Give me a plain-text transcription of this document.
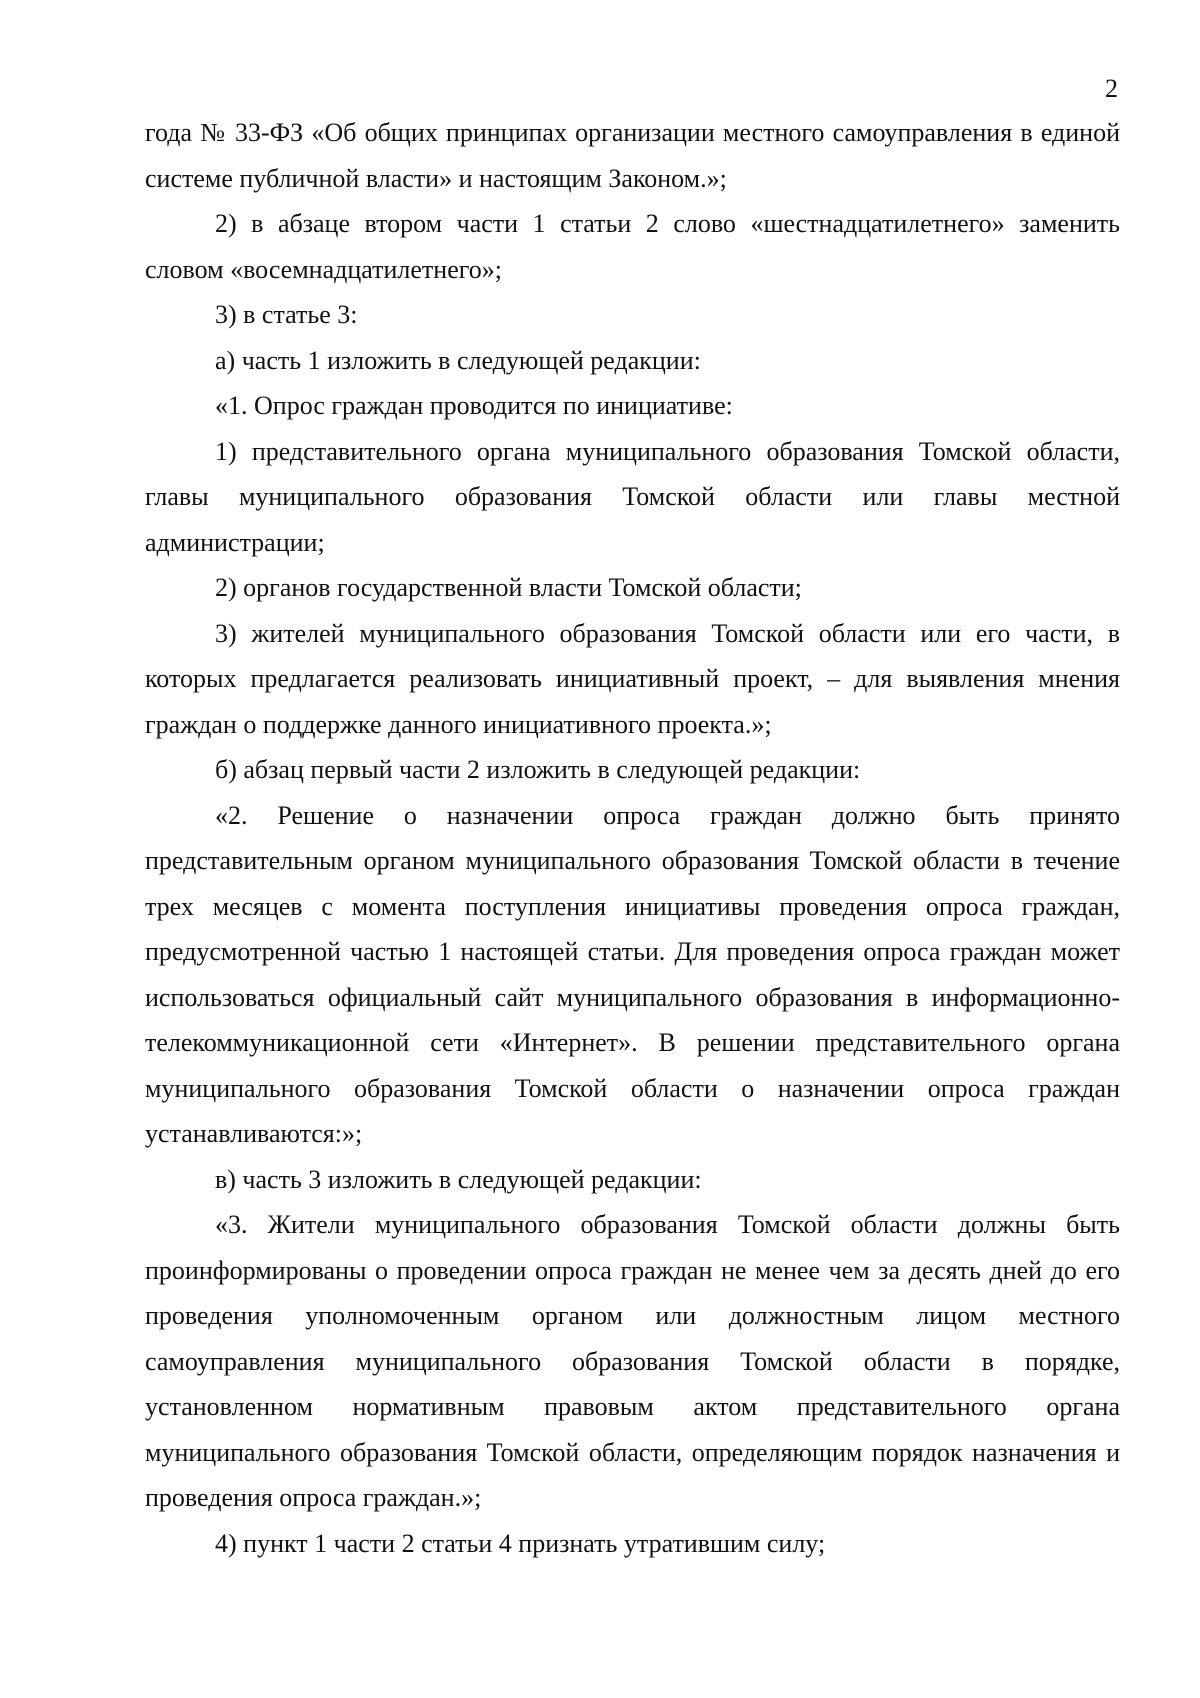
2

года № 33-ФЗ «Об общих принципах организации местного самоуправления в единой системе публичной власти» и настоящим Законом.»;

2) в абзаце втором части 1 статьи 2 слово «шестнадцатилетнего» заменить словом «восемнадцатилетнего»;

3) в статье 3:

а) часть 1 изложить в следующей редакции:

«1. Опрос граждан проводится по инициативе:

1) представительного органа муниципального образования Томской области, главы муниципального образования Томской области или главы местной администрации;

2) органов государственной власти Томской области;

3) жителей муниципального образования Томской области или его части, в которых предлагается реализовать инициативный проект, – для выявления мнения граждан о поддержке данного инициативного проекта.»;

б) абзац первый части 2 изложить в следующей редакции:

«2. Решение о назначении опроса граждан должно быть принято представительным органом муниципального образования Томской области в течение трех месяцев с момента поступления инициативы проведения опроса граждан, предусмотренной частью 1 настоящей статьи. Для проведения опроса граждан может использоваться официальный сайт муниципального образования в информационно-телекоммуникационной сети «Интернет». В решении представительного органа муниципального образования Томской области о назначении опроса граждан устанавливаются:»;

в) часть 3 изложить в следующей редакции:

«3. Жители муниципального образования Томской области должны быть проинформированы о проведении опроса граждан не менее чем за десять дней до его проведения уполномоченным органом или должностным лицом местного самоуправления муниципального образования Томской области в порядке, установленном нормативным правовым актом представительного органа муниципального образования Томской области, определяющим порядок назначения и проведения опроса граждан.»;

4) пункт 1 части 2 статьи 4 признать утратившим силу;
